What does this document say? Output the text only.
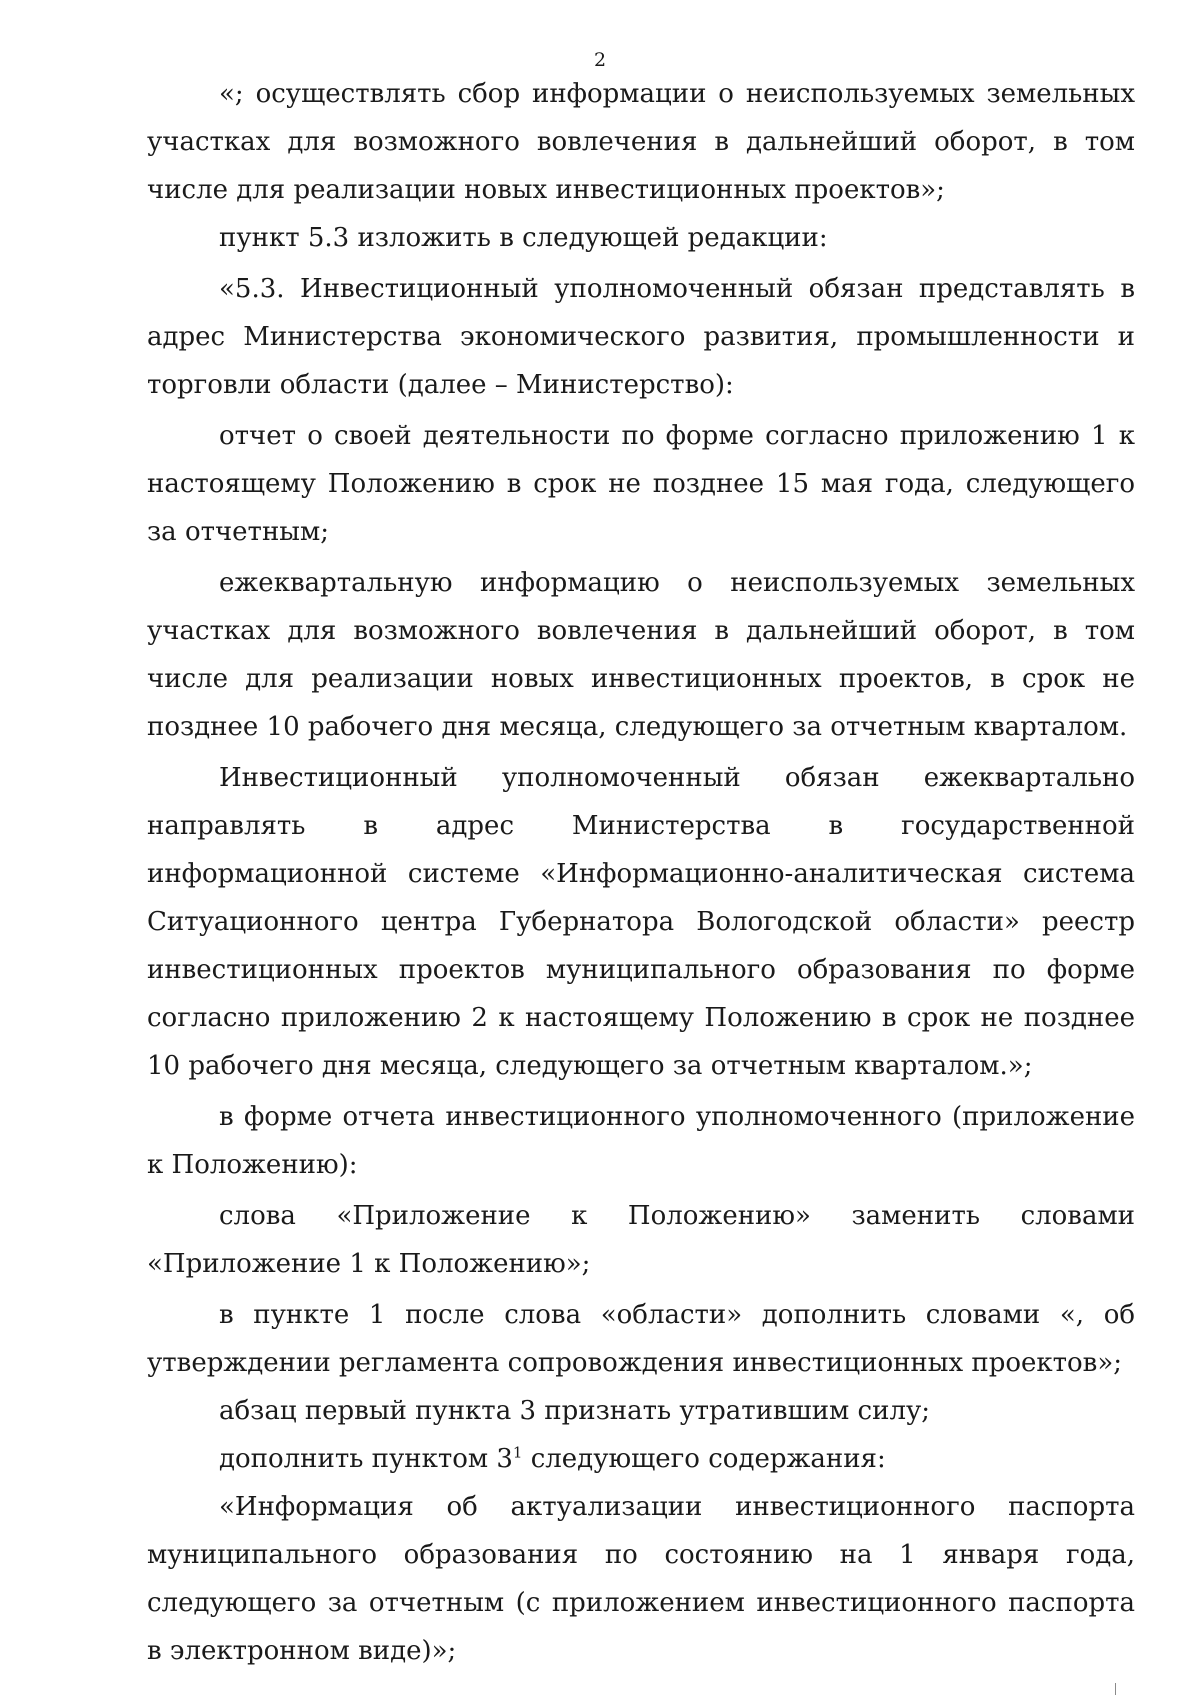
2

«; осуществлять сбор информации о неиспользуемых земельных участках для возможного вовлечения в дальнейший оборот, в том числе для реализации новых инвестиционных проектов»;

пункт 5.3 изложить в следующей редакции:

«5.3. Инвестиционный уполномоченный обязан представлять в адрес Министерства экономического развития, промышленности и торговли области (далее – Министерство):

отчет о своей деятельности по форме согласно приложению 1 к настоящему Положению в срок не позднее 15 мая года, следующего за отчетным;

ежеквартальную информацию о неиспользуемых земельных участках для возможного вовлечения в дальнейший оборот, в том числе для реализации новых инвестиционных проектов, в срок не позднее 10 рабочего дня месяца, следующего за отчетным кварталом.

Инвестиционный уполномоченный обязан ежеквартально направлять в адрес Министерства в государственной информационной системе «Информационно-аналитическая система Ситуационного центра Губернатора Вологодской области» реестр инвестиционных проектов муниципального образования по форме согласно приложению 2 к настоящему Положению в срок не позднее 10 рабочего дня месяца, следующего за отчетным кварталом.»;

в форме отчета инвестиционного уполномоченного (приложение к Положению):

слова «Приложение к Положению» заменить словами «Приложение 1 к Положению»;

в пункте 1 после слова «области» дополнить словами «, об утверждении регламента сопровождения инвестиционных проектов»;

абзац первый пункта 3 признать утратившим силу;

дополнить пунктом $3^1$ следующего содержания:

«Информация об актуализации инвестиционного паспорта муниципального образования по состоянию на 1 января года, следующего за отчетным (с приложением инвестиционного паспорта в электронном виде)»;
